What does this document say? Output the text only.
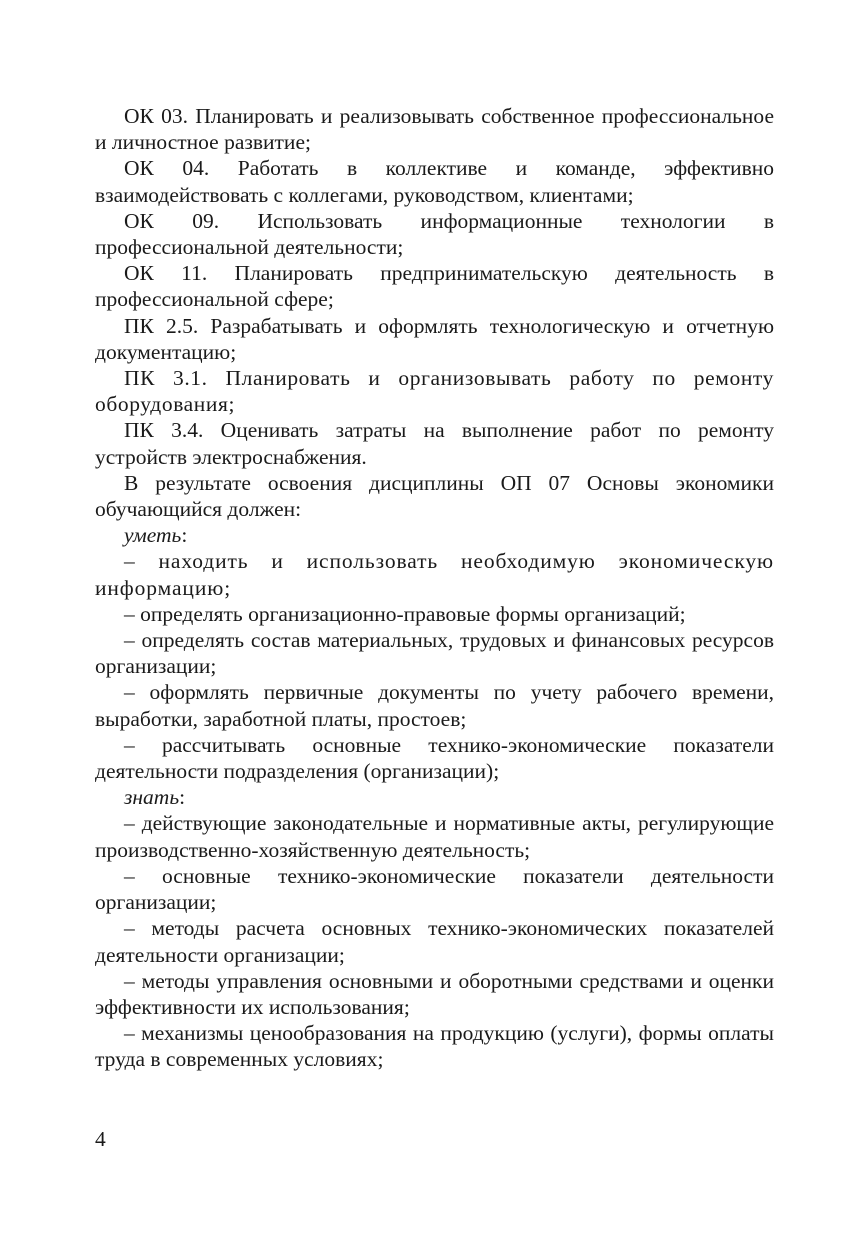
ОК 03. Планировать и реализовывать собственное профессиональное и личностное развитие;

ОК 04. Работать в коллективе и команде, эффективно взаимодействовать с коллегами, руководством, клиентами;

ОК 09. Использовать информационные технологии в профессиональной деятельности;

ОК 11. Планировать предпринимательскую деятельность в профессиональной сфере;

ПК 2.5. Разрабатывать и оформлять технологическую и отчетную документацию;

ПК 3.1. Планировать и организовывать работу по ремонту оборудования;

ПК 3.4. Оценивать затраты на выполнение работ по ремонту устройств электроснабжения.

В результате освоения дисциплины ОП 07 Основы экономики обучающийся должен:

уметь:

– находить и использовать необходимую экономическую информацию;

– определять организационно-правовые формы организаций;

– определять состав материальных, трудовых и финансовых ресурсов организации;

– оформлять первичные документы по учету рабочего времени, выработки, заработной платы, простоев;

– рассчитывать основные технико-экономические показатели деятельности подразделения (организации);

знать:

– действующие законодательные и нормативные акты, регулирующие производственно-хозяйственную деятельность;

– основные технико-экономические показатели деятельности организации;

– методы расчета основных технико-экономических показателей деятельности организации;

– методы управления основными и оборотными средствами и оценки эффективности их использования;

– механизмы ценообразования на продукцию (услуги), формы оплаты труда в современных условиях;

4
